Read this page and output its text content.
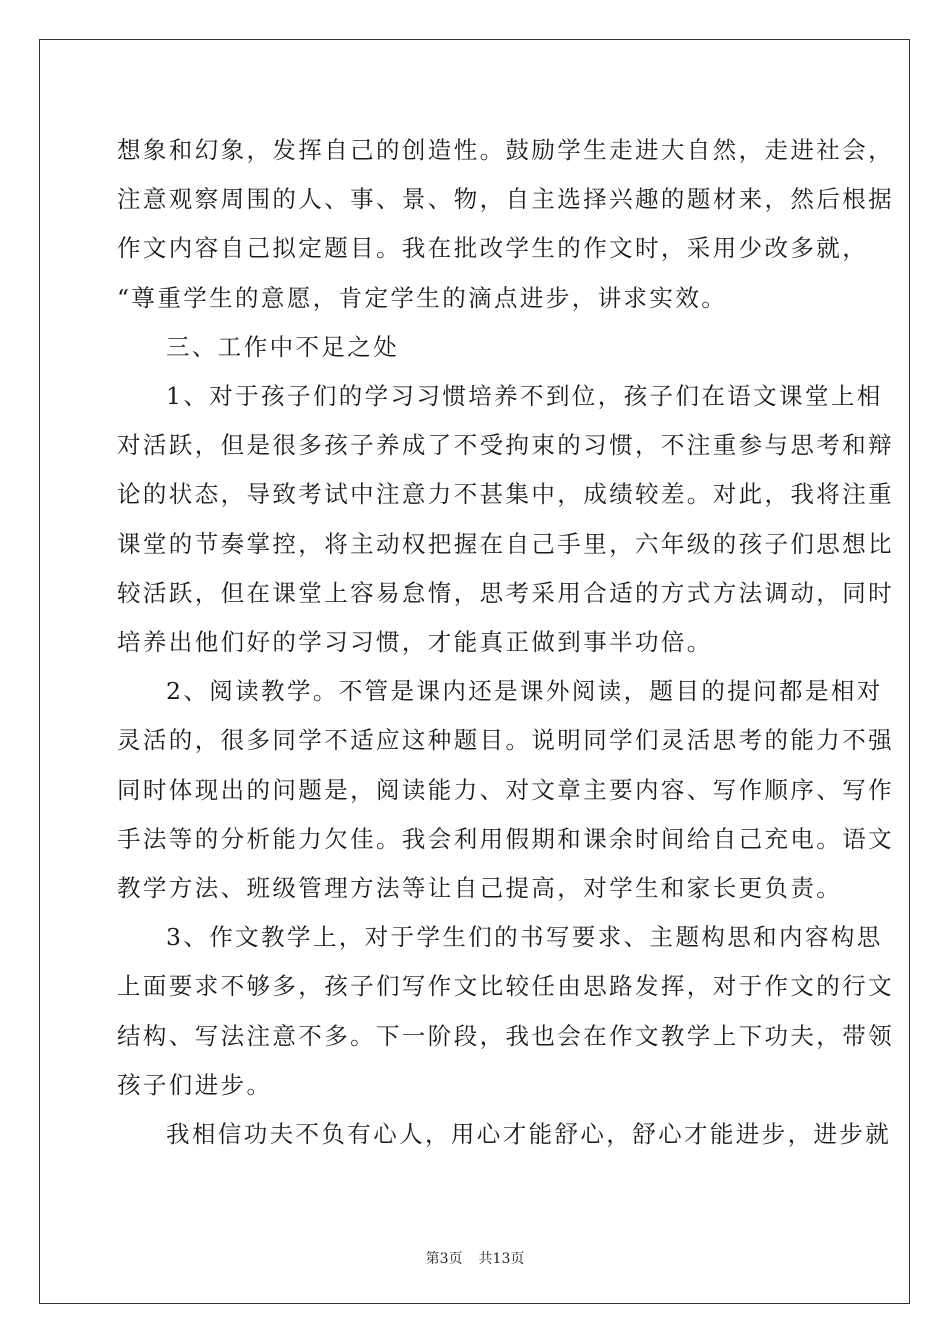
想象和幻象，发挥自己的创造性。鼓励学生走进大自然，走进社会，
注意观察周围的人、事、景、物，自主选择兴趣的题材来，然后根据
作文内容自己拟定题目。我在批改学生的作文时，采用少改多就，
“尊重学生的意愿，肯定学生的滴点进步，讲求实效。

三、工作中不足之处

1、对于孩子们的学习习惯培养不到位，孩子们在语文课堂上相
对活跃，但是很多孩子养成了不受拘束的习惯，不注重参与思考和辩
论的状态，导致考试中注意力不甚集中，成绩较差。对此，我将注重
课堂的节奏掌控，将主动权把握在自己手里，六年级的孩子们思想比
较活跃，但在课堂上容易怠惰，思考采用合适的方式方法调动，同时
培养出他们好的学习习惯，才能真正做到事半功倍。

2、阅读教学。不管是课内还是课外阅读，题目的提问都是相对
灵活的，很多同学不适应这种题目。说明同学们灵活思考的能力不强
同时体现出的问题是，阅读能力、对文章主要内容、写作顺序、写作
手法等的分析能力欠佳。我会利用假期和课余时间给自己充电。语文
教学方法、班级管理方法等让自己提高，对学生和家长更负责。

3、作文教学上，对于学生们的书写要求、主题构思和内容构思
上面要求不够多，孩子们写作文比较任由思路发挥，对于作文的行文
结构、写法注意不多。下一阶段，我也会在作文教学上下功夫，带领
孩子们进步。

我相信功夫不负有心人，用心才能舒心，舒心才能进步，进步就

第3页 共13页
